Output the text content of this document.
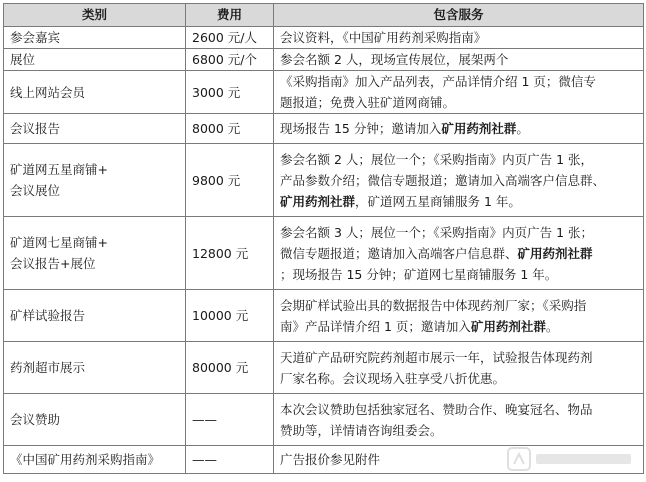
类别	费用	包含服务
参会嘉宾	2600 元/人	会议资料，《中国矿用药剂采购指南》
展位	6800 元/个	参会名额 2 人，现场宣传展位，展架两个
线上网站会员	3000 元	《采购指南》加入产品列表，产品详情介绍 1 页；微信专
题报道；免费入驻矿道网商铺。
会议报告	8000 元	现场报告 15 分钟；邀请加入矿用药剂社群。
矿道网五星商铺+
会议展位	9800 元	参会名额 2 人；展位一个；《采购指南》内页广告 1 张，
产品参数介绍；微信专题报道；邀请加入高端客户信息群、
矿用药剂社群，矿道网五星商铺服务 1 年。
矿道网七星商铺+
会议报告+展位	12800 元	参会名额 3 人；展位一个；《采购指南》内页广告 1 张；
微信专题报道；邀请加入高端客户信息群、矿用药剂社群
；现场报告 15 分钟；矿道网七星商铺服务 1 年。
矿样试验报告	10000 元	会期矿样试验出具的数据报告中体现药剂厂家；《采购指
南》产品详情介绍 1 页；邀请加入矿用药剂社群。
药剂超市展示	80000 元	天道矿产品研究院药剂超市展示一年，试验报告体现药剂
厂家名称。会议现场入驻享受八折优惠。
会议赞助	——	本次会议赞助包括独家冠名、赞助合作、晚宴冠名、物品
赞助等，详情请咨询组委会。
《中国矿用药剂采购指南》	——	广告报价参见附件
